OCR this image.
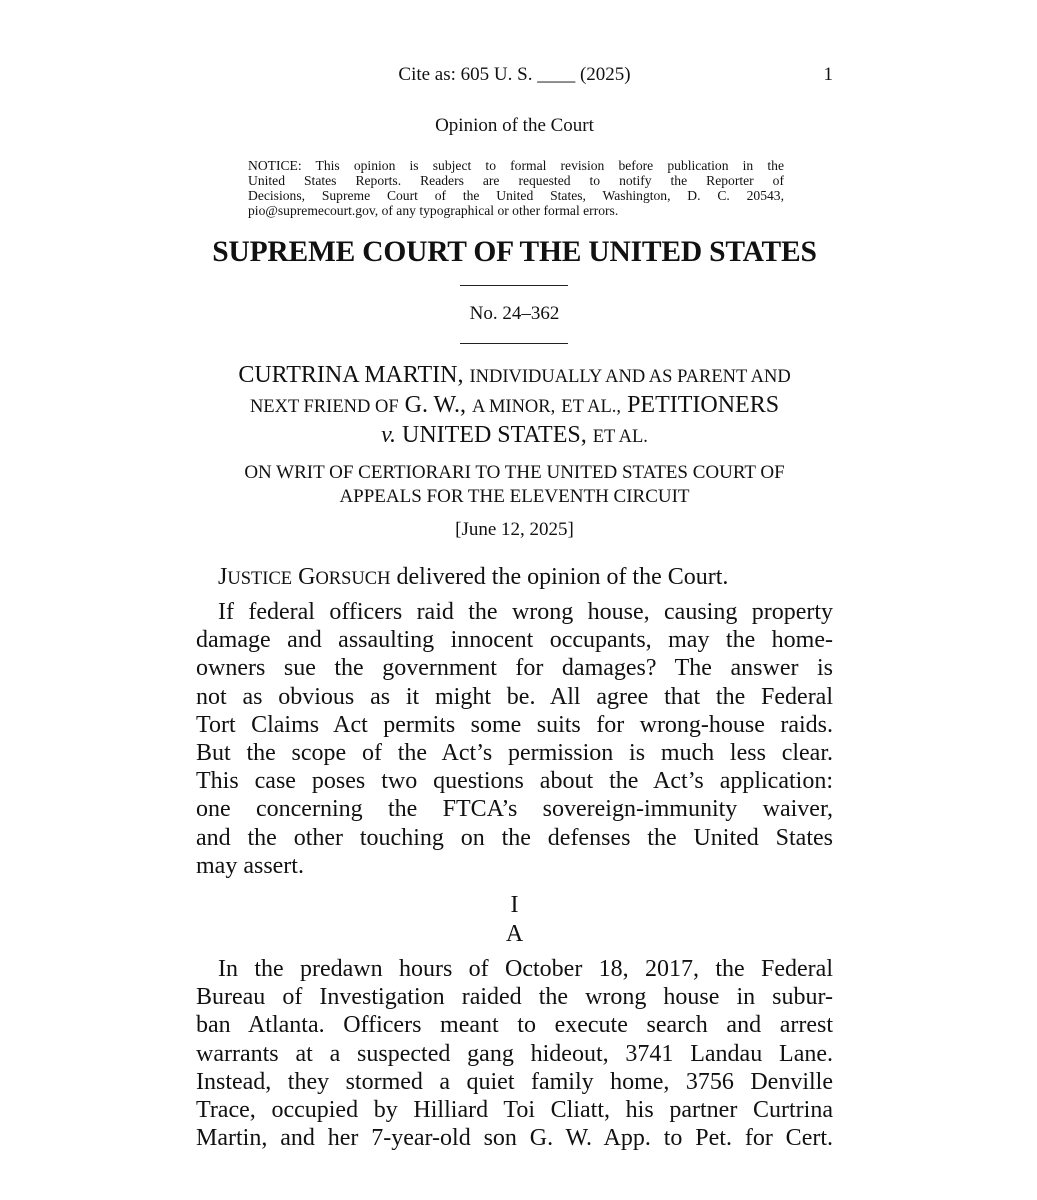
Cite as: 605 U. S. ____ (2025)	1
Opinion of the Court
NOTICE: This opinion is subject to formal revision before publication in the
United States Reports. Readers are requested to notify the Reporter of
Decisions, Supreme Court of the United States, Washington, D. C. 20543,
pio@supremecourt.gov, of any typographical or other formal errors.
SUPREME COURT OF THE UNITED STATES
No. 24–362
CURTRINA MARTIN, INDIVIDUALLY AND AS PARENT AND
NEXT FRIEND OF G. W., A MINOR, ET AL., PETITIONERS
v. UNITED STATES, ET AL.
ON WRIT OF CERTIORARI TO THE UNITED STATES COURT OF
APPEALS FOR THE ELEVENTH CIRCUIT
[June 12, 2025]
JUSTICE GORSUCH delivered the opinion of the Court.
If federal officers raid the wrong house, causing property
damage and assaulting innocent occupants, may the home-
owners sue the government for damages? The answer is
not as obvious as it might be. All agree that the Federal
Tort Claims Act permits some suits for wrong-house raids.
But the scope of the Act’s permission is much less clear.
This case poses two questions about the Act’s application:
one concerning the FTCA’s sovereign-immunity waiver,
and the other touching on the defenses the United States
may assert.
I
A
In the predawn hours of October 18, 2017, the Federal
Bureau of Investigation raided the wrong house in subur-
ban Atlanta. Officers meant to execute search and arrest
warrants at a suspected gang hideout, 3741 Landau Lane.
Instead, they stormed a quiet family home, 3756 Denville
Trace, occupied by Hilliard Toi Cliatt, his partner Curtrina
Martin, and her 7-year-old son G. W. App. to Pet. for Cert.
